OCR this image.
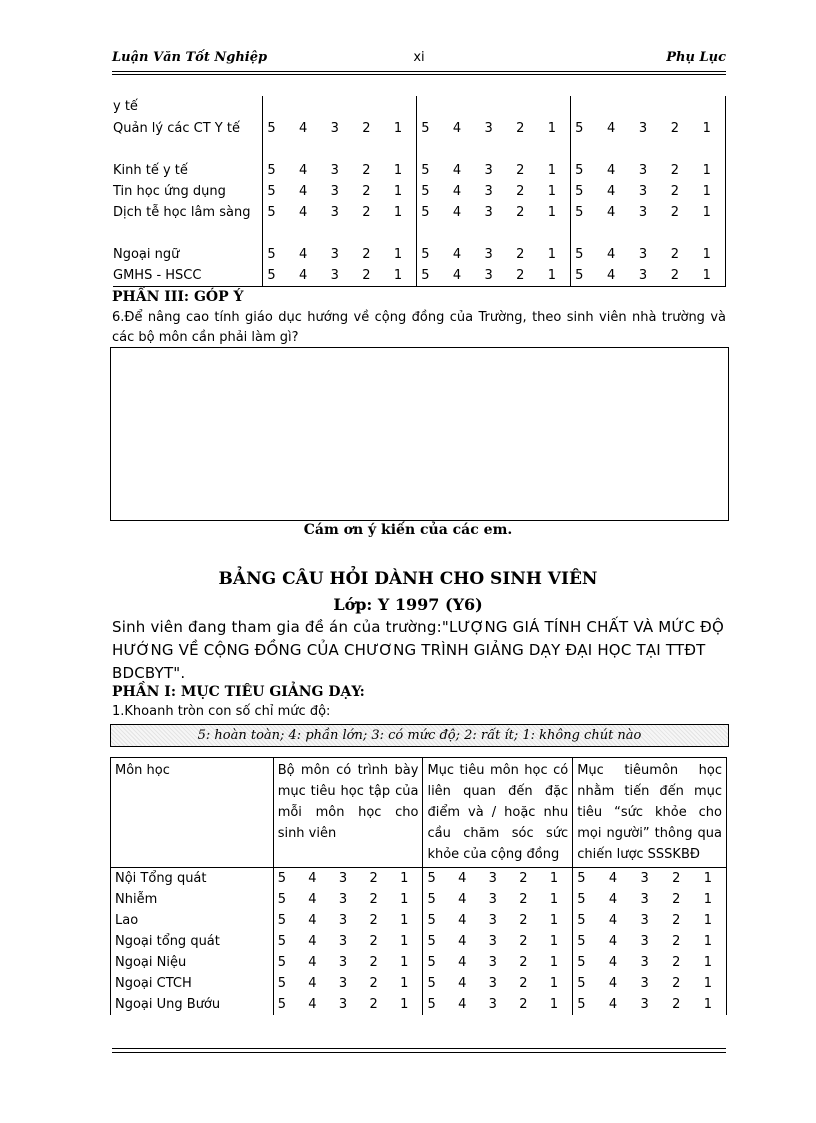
Luận Văn Tốt Nghiệp	xi	Phụ Lục
y tế			
Quản lý các CT Y tế	5 4 3 2 1	5 4 3 2 1	5 4 3 2 1

Kinh tế y tế	5 4 3 2 1	5 4 3 2 1	5 4 3 2 1

Tin học ứng dụng	5 4 3 2 1	5 4 3 2 1	5 4 3 2 1

Dịch tễ học lâm sàng	5 4 3 2 1	5 4 3 2 1	5 4 3 2 1

Ngoại ngữ	5 4 3 2 1	5 4 3 2 1	5 4 3 2 1

GMHS - HSCC	5 4 3 2 1	5 4 3 2 1	5 4 3 2 1
PHẦN III: GÓP Ý
6.Để nâng cao tính giáo dục hướng về cộng đồng của Trường, theo sinh viên nhà trường và các bộ môn cần phải làm gì?
Cám ơn ý kiến của các em.
BẢNG CÂU HỎI DÀNH CHO SINH VIÊN
Lớp: Y 1997 (Y6)
Sinh viên đang tham gia đề án của trường:"LƯỢNG GIÁ TÍNH CHẤT VÀ MỨC ĐỘ HƯỚNG VỀ CỘNG ĐỒNG CỦA CHƯƠNG TRÌNH GIẢNG DẠY ĐẠI HỌC TẠI TTĐT BDCBYT".
PHẦN I: MỤC TIÊU GIẢNG DẠY:
1.Khoanh tròn con số chỉ mức độ:
5: hoàn toàn; 4: phần lớn; 3: có mức độ; 2: rất ít; 1: không chút nào
Môn học	Bộ môn có trình bày mục tiêu học tập của mỗi môn học cho sinh viên	Mục tiêu môn học có liên quan đến đặc điểm và / hoặc nhu cầu chăm sóc sức khỏe của cộng đồng	Mục tiêumôn học nhằm tiến đến mục tiêu “sức khỏe cho mọi người” thông qua chiến lược SSSKBĐ
Nội Tổng quát	5 4 3 2 1	5 4 3 2 1	5 4 3 2 1

Nhiễm	5 4 3 2 1	5 4 3 2 1	5 4 3 2 1

Lao	5 4 3 2 1	5 4 3 2 1	5 4 3 2 1

Ngoại tổng quát	5 4 3 2 1	5 4 3 2 1	5 4 3 2 1

Ngoại Niệu	5 4 3 2 1	5 4 3 2 1	5 4 3 2 1

Ngoại CTCH	5 4 3 2 1	5 4 3 2 1	5 4 3 2 1

Ngoại Ung Bướu	5 4 3 2 1	5 4 3 2 1	5 4 3 2 1
